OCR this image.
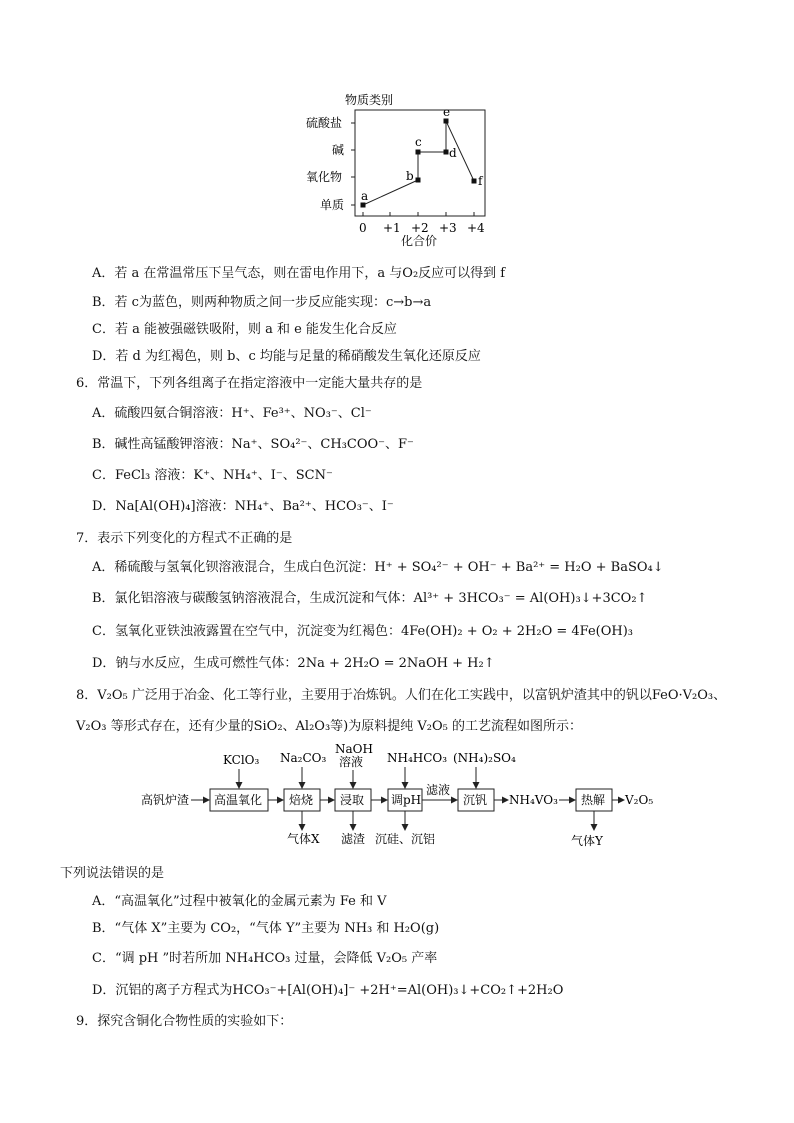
物质类别
单质
氧化物
碱
硫酸盐
0 +1 +2 +3 +4
化合价
a
b
c
d
e
f
A．若 a 在常温常压下呈气态，则在雷电作用下，a 与O₂反应可以得到 f
B．若 c为蓝色，则两种物质之间一步反应能实现：c→b→a
C．若 a 能被强磁铁吸附，则 a 和 e 能发生化合反应
D．若 d 为红褐色，则 b、c 均能与足量的稀硝酸发生氧化还原反应
6．常温下，下列各组离子在指定溶液中一定能大量共存的是
A．硫酸四氨合铜溶液：H⁺、Fe³⁺、NO₃⁻、Cl⁻
B．碱性高锰酸钾溶液：Na⁺、SO₄²⁻、CH₃COO⁻、F⁻
C．FeCl₃ 溶液：K⁺、NH₄⁺、I⁻、SCN⁻
D．Na[Al(OH)₄]溶液：NH₄⁺、Ba²⁺、HCO₃⁻、I⁻
7．表示下列变化的方程式不正确的是
A．稀硫酸与氢氧化钡溶液混合，生成白色沉淀：H⁺ + SO₄²⁻ + OH⁻ + Ba²⁺ = H₂O + BaSO₄↓
B．氯化铝溶液与碳酸氢钠溶液混合，生成沉淀和气体：Al³⁺ + 3HCO₃⁻ = Al(OH)₃↓+3CO₂↑
C．氢氧化亚铁浊液露置在空气中，沉淀变为红褐色：4Fe(OH)₂ + O₂ + 2H₂O = 4Fe(OH)₃
D．钠与水反应，生成可燃性气体：2Na + 2H₂O = 2NaOH + H₂↑
8．V₂O₅ 广泛用于冶金、化工等行业，主要用于冶炼钒。人们在化工实践中，以富钒炉渣其中的钒以FeO·V₂O₃、
V₂O₃ 等形式存在，还有少量的SiO₂、Al₂O₃等)为原料提纯 V₂O₅ 的工艺流程如图所示：
高钒炉渣 高温氧化 焙烧 浸取 调pH
滤液
沉钒 NH₄VO₃ 热解 V₂O₅
KClO₃ Na₂CO₃
NaOH
溶液 NH₄HCO₃ (NH₄)₂SO₄
气体X 滤渣 沉硅、沉铝	气体Y
下列说法错误的是
A．“高温氧化”过程中被氧化的金属元素为 Fe 和 V
B．“气体 X”主要为 CO₂，“气体 Y”主要为 NH₃ 和 H₂O(g)
C．“调 pH ”时若所加 NH₄HCO₃ 过量，会降低 V₂O₅ 产率
D．沉铝的离子方程式为HCO₃⁻+[Al(OH)₄]⁻ +2H⁺=Al(OH)₃↓+CO₂↑+2H₂O
9．探究含铜化合物性质的实验如下：
